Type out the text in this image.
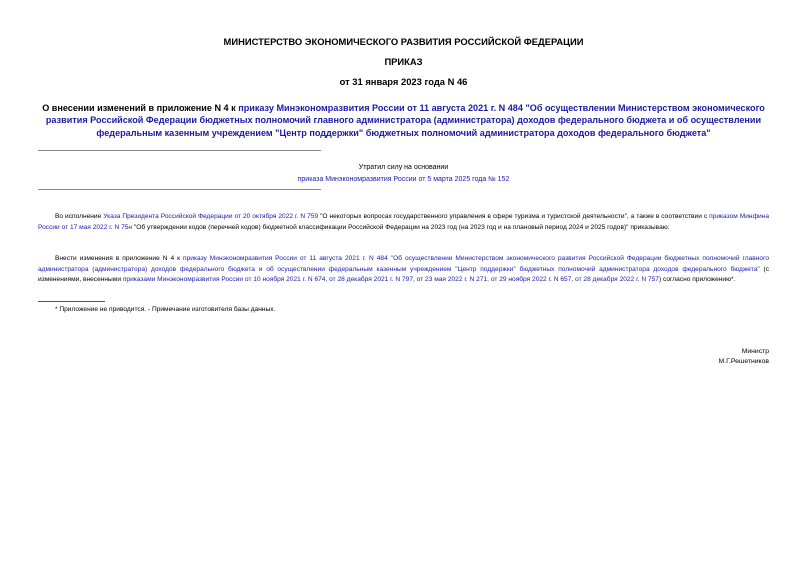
МИНИСТЕРСТВО ЭКОНОМИЧЕСКОГО РАЗВИТИЯ РОССИЙСКОЙ ФЕДЕРАЦИИ

ПРИКАЗ

от 31 января 2023 года N 46

О внесении изменений в приложение N 4 к приказу Минэкономразвития России от 11 августа 2021 г. N 484 "Об осуществлении Министерством экономического развития Российской Федерации бюджетных полномочий главного администратора (администратора) доходов федерального бюджета и об осуществлении федеральным казенным учреждением "Центр поддержки" бюджетных полномочий администратора доходов федерального бюджета"

Утратил силу на основании

приказа Минэкономразвития России от 5 марта 2025 года № 152

Во исполнение Указа Президента Российской Федерации от 20 октября 2022 г. N 759 "О некоторых вопросах государственного управления в сфере туризма и туристской деятельности", а также в соответствии с приказом Минфина России от 17 мая 2022 г. N 75н "Об утверждении кодов (перечней кодов) бюджетной классификации Российской Федерации на 2023 год (на 2023 год и на плановый период 2024 и 2025 годов)" приказываю:

Внести изменения в приложение N 4 к приказу Минэкономразвития России от 11 августа 2021 г. N 484 "Об осуществлении Министерством экономического развития Российской Федерации бюджетных полномочий главного администратора (администратора) доходов федерального бюджета и об осуществлении федеральным казенным учреждением "Центр поддержки" бюджетных полномочий администратора доходов федерального бюджета" (с изменениями, внесенными приказами Минэкономразвития России от 10 ноября 2021 г. N 674, от 28 декабря 2021 г. N 797, от 23 мая 2022 г. N 271, от 29 ноября 2022 г. N 657, от 28 декабря 2022 г. N 757) согласно приложению*.

* Приложение не приводится. - Примечание изготовителя базы данных.

Министр

М.Г.Решетников
